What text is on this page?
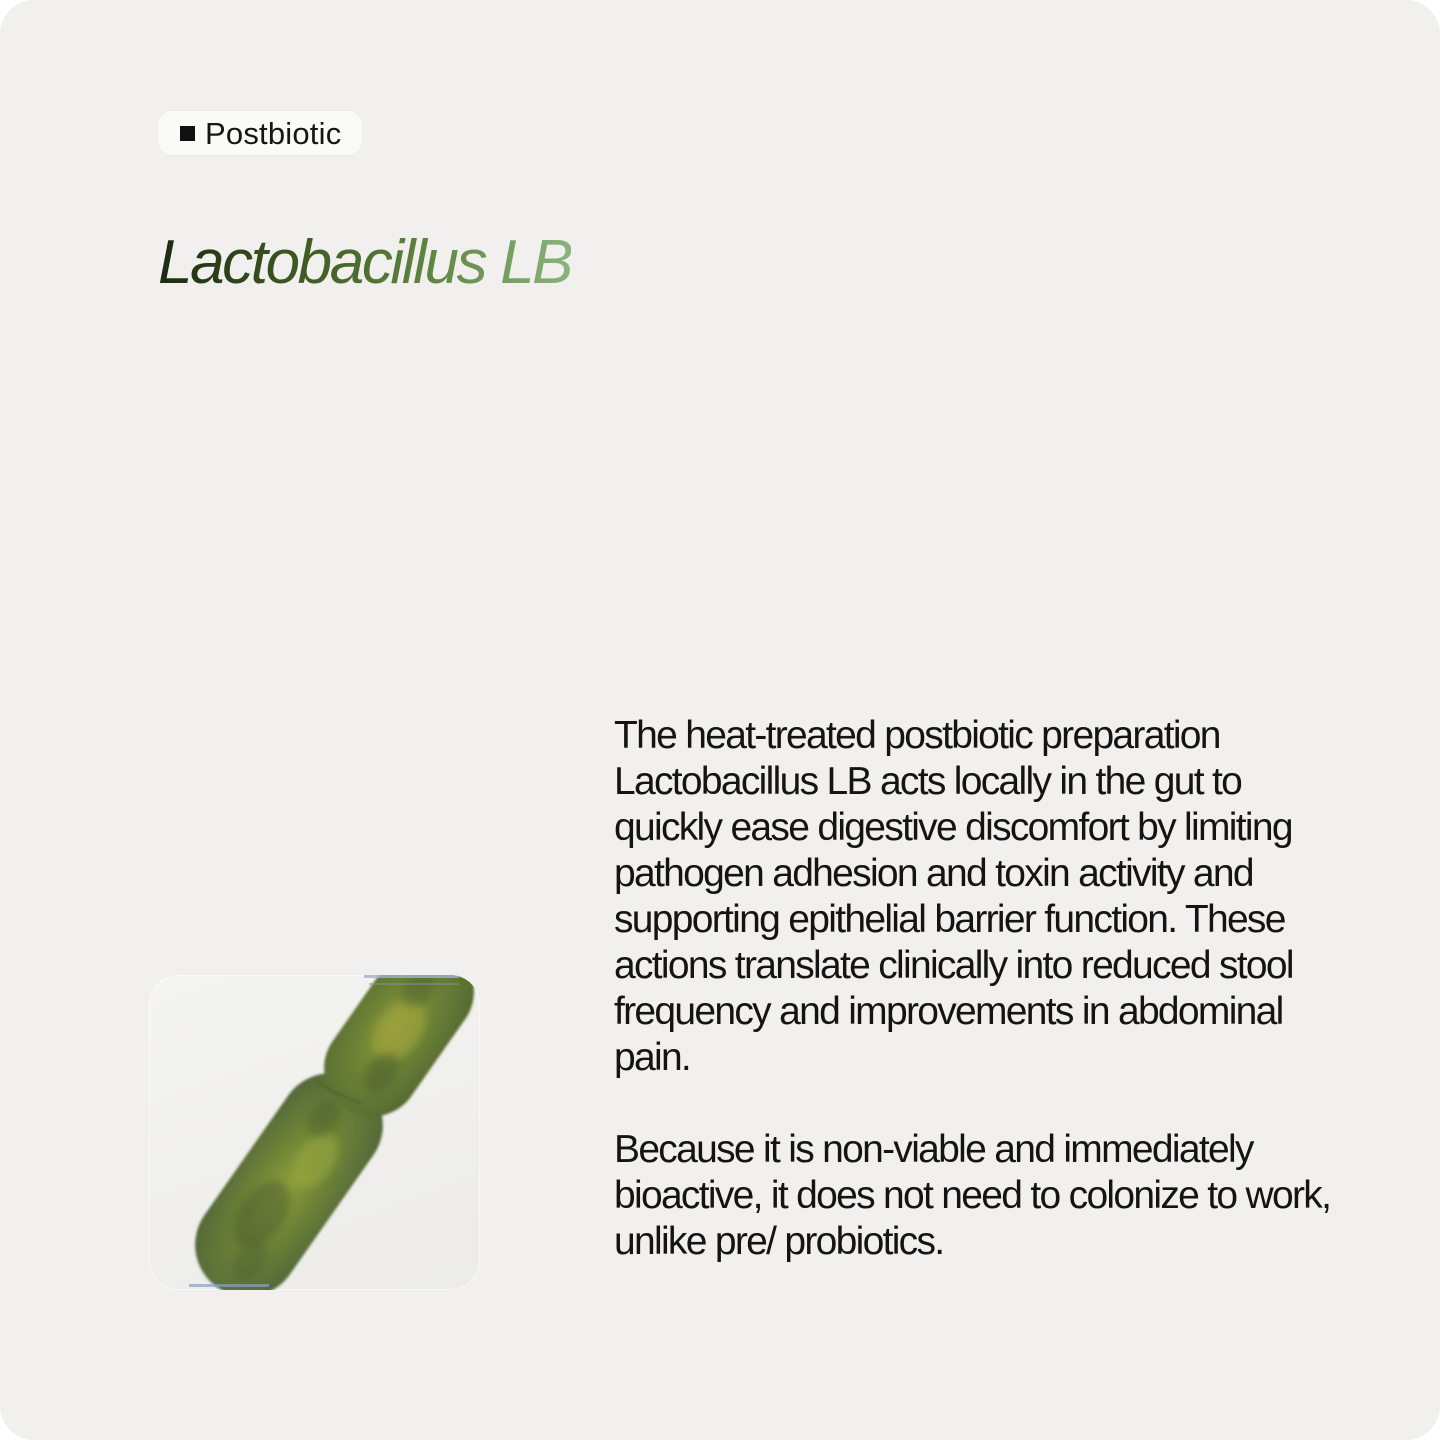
Postbiotic
Lactobacillus LB

The heat-treated postbiotic preparation Lactobacillus LB acts locally in the gut to quickly ease digestive discomfort by limiting pathogen adhesion and toxin activity and supporting epithelial barrier function. These actions translate clinically into reduced stool frequency and improvements in abdominal pain.

Because it is non-viable and immediately bioactive, it does not need to colonize to work, unlike pre/ probiotics.
